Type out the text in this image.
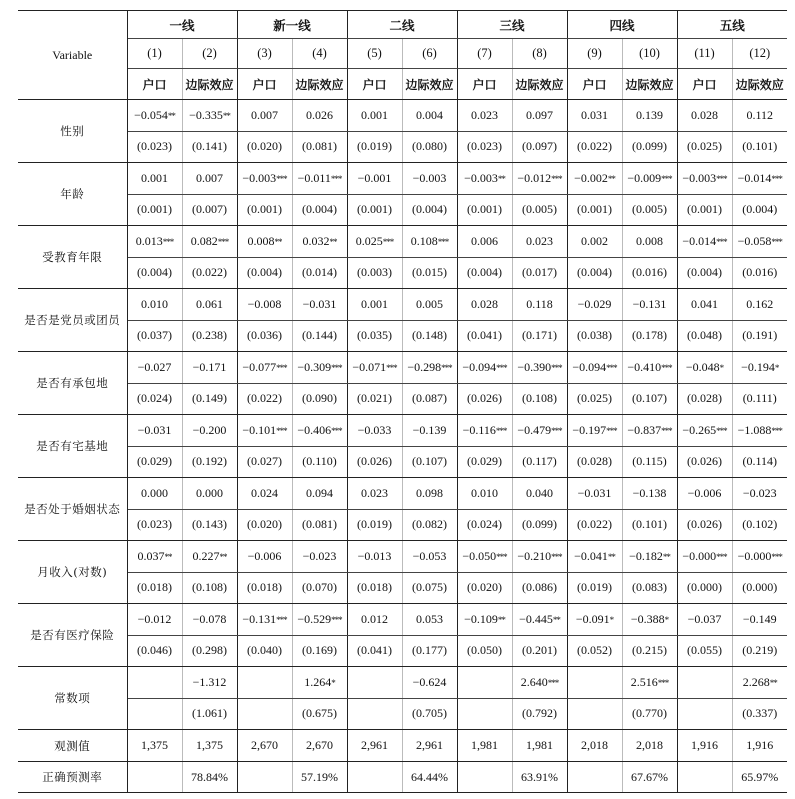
Variable	一线		新一线		二线		三线		四线		五线	
	(1)	(2)	(3)	(4)	(5)	(6)	(7)	(8)	(9)	(10)	(11)	(12)
	户口	边际效应	户口	边际效应	户口	边际效应	户口	边际效应	户口	边际效应	户口	边际效应
性别	−0.054**	−0.335**	0.007	0.026	0.001	0.004	0.023	0.097	0.031	0.139	0.028	0.112
	(0.023)	(0.141)	(0.020)	(0.081)	(0.019)	(0.080)	(0.023)	(0.097)	(0.022)	(0.099)	(0.025)	(0.101)
年龄	0.001	0.007	−0.003***	−0.011***	−0.001	−0.003	−0.003**	−0.012***	−0.002**	−0.009***	−0.003***	−0.014***
	(0.001)	(0.007)	(0.001)	(0.004)	(0.001)	(0.004)	(0.001)	(0.005)	(0.001)	(0.005)	(0.001)	(0.004)
受教育年限	0.013***	0.082***	0.008**	0.032**	0.025***	0.108***	0.006	0.023	0.002	0.008	−0.014***	−0.058***
	(0.004)	(0.022)	(0.004)	(0.014)	(0.003)	(0.015)	(0.004)	(0.017)	(0.004)	(0.016)	(0.004)	(0.016)
是否是党员或团员	0.010	0.061	−0.008	−0.031	0.001	0.005	0.028	0.118	−0.029	−0.131	0.041	0.162
	(0.037)	(0.238)	(0.036)	(0.144)	(0.035)	(0.148)	(0.041)	(0.171)	(0.038)	(0.178)	(0.048)	(0.191)
是否有承包地	−0.027	−0.171	−0.077***	−0.309***	−0.071***	−0.298***	−0.094***	−0.390***	−0.094***	−0.410***	−0.048*	−0.194*
	(0.024)	(0.149)	(0.022)	(0.090)	(0.021)	(0.087)	(0.026)	(0.108)	(0.025)	(0.107)	(0.028)	(0.111)
是否有宅基地	−0.031	−0.200	−0.101***	−0.406***	−0.033	−0.139	−0.116***	−0.479***	−0.197***	−0.837***	−0.265***	−1.088***
	(0.029)	(0.192)	(0.027)	(0.110)	(0.026)	(0.107)	(0.029)	(0.117)	(0.028)	(0.115)	(0.026)	(0.114)
是否处于婚姻状态	0.000	0.000	0.024	0.094	0.023	0.098	0.010	0.040	−0.031	−0.138	−0.006	−0.023
	(0.023)	(0.143)	(0.020)	(0.081)	(0.019)	(0.082)	(0.024)	(0.099)	(0.022)	(0.101)	(0.026)	(0.102)
月收入(对数)	0.037**	0.227**	−0.006	−0.023	−0.013	−0.053	−0.050***	−0.210***	−0.041**	−0.182**	−0.000***	−0.000***
	(0.018)	(0.108)	(0.018)	(0.070)	(0.018)	(0.075)	(0.020)	(0.086)	(0.019)	(0.083)	(0.000)	(0.000)
是否有医疗保险	−0.012	−0.078	−0.131***	−0.529***	0.012	0.053	−0.109**	−0.445**	−0.091*	−0.388*	−0.037	−0.149
	(0.046)	(0.298)	(0.040)	(0.169)	(0.041)	(0.177)	(0.050)	(0.201)	(0.052)	(0.215)	(0.055)	(0.219)
常数项		−1.312		1.264*		−0.624		2.640***		2.516***		2.268**
		(1.061)		(0.675)		(0.705)		(0.792)		(0.770)		(0.337)
观测值	1,375	1,375	2,670	2,670	2,961	2,961	1,981	1,981	2,018	2,018	1,916	1,916
正确预测率		78.84%		57.19%		64.44%		63.91%		67.67%		65.97%
